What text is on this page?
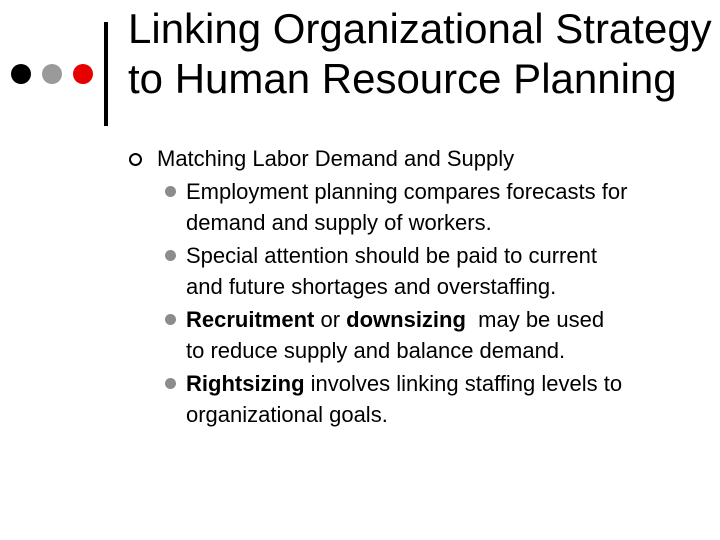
Linking Organizational Strategy
to Human Resource Planning
Matching Labor Demand and Supply
Employment planning compares forecasts for
demand and supply of workers.
Special attention should be paid to current
and future shortages and overstaffing.
Recruitment or downsizing  may be used
to reduce supply and balance demand.
Rightsizing involves linking staffing levels to
organizational goals.
